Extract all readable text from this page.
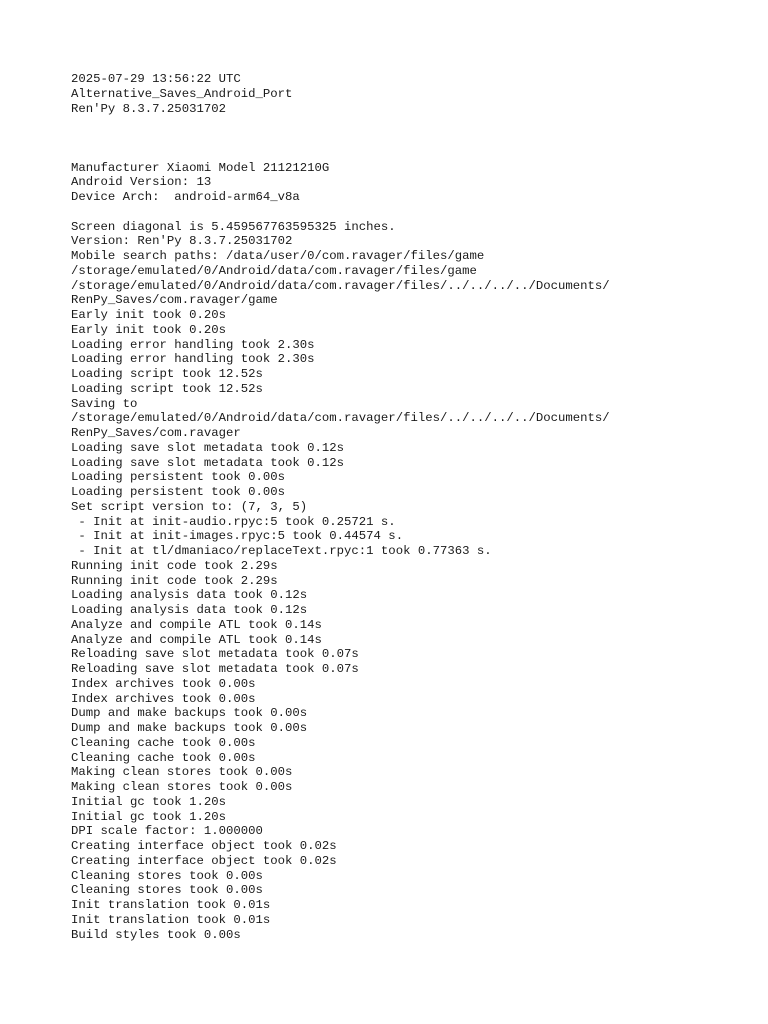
2025-07-29 13:56:22 UTC
Alternative_Saves_Android_Port
Ren'Py 8.3.7.25031702
Manufacturer Xiaomi Model 21121210G
Android Version: 13
Device Arch:  android-arm64_v8a
Screen diagonal is 5.459567763595325 inches.
Version: Ren'Py 8.3.7.25031702
Mobile search paths: /data/user/0/com.ravager/files/game
/storage/emulated/0/Android/data/com.ravager/files/game
/storage/emulated/0/Android/data/com.ravager/files/../../../../Documents/
RenPy_Saves/com.ravager/game
Early init took 0.20s
Early init took 0.20s
Loading error handling took 2.30s
Loading error handling took 2.30s
Loading script took 12.52s
Loading script took 12.52s
Saving to
/storage/emulated/0/Android/data/com.ravager/files/../../../../Documents/
RenPy_Saves/com.ravager
Loading save slot metadata took 0.12s
Loading save slot metadata took 0.12s
Loading persistent took 0.00s
Loading persistent took 0.00s
Set script version to: (7, 3, 5)
- Init at init-audio.rpyc:5 took 0.25721 s.
- Init at init-images.rpyc:5 took 0.44574 s.
- Init at tl/dmaniaco/replaceText.rpyc:1 took 0.77363 s.
Running init code took 2.29s
Running init code took 2.29s
Loading analysis data took 0.12s
Loading analysis data took 0.12s
Analyze and compile ATL took 0.14s
Analyze and compile ATL took 0.14s
Reloading save slot metadata took 0.07s
Reloading save slot metadata took 0.07s
Index archives took 0.00s
Index archives took 0.00s
Dump and make backups took 0.00s
Dump and make backups took 0.00s
Cleaning cache took 0.00s
Cleaning cache took 0.00s
Making clean stores took 0.00s
Making clean stores took 0.00s
Initial gc took 1.20s
Initial gc took 1.20s
DPI scale factor: 1.000000
Creating interface object took 0.02s
Creating interface object took 0.02s
Cleaning stores took 0.00s
Cleaning stores took 0.00s
Init translation took 0.01s
Init translation took 0.01s
Build styles took 0.00s
